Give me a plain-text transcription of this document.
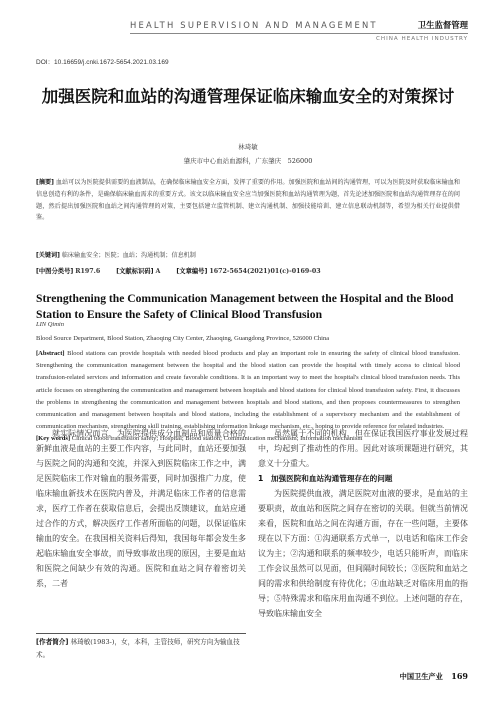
HEALTH SUPERVISION AND MANAGEMENT	卫生监督管理
CHINA HEALTH INDUSTRY
DOI：10.16659/j.cnki.1672-5654.2021.03.169
加强医院和血站的沟通管理保证临床输血安全的对策探讨
林琦敏
肇庆市中心血站血源科，广东肇庆　526000
[摘要] 血站可以为医院提供需要的血液制品，在确保临床输血安全方面，发挥了重要的作用。加强医院和血站间的沟通管理，可以为医院及时获取临床输血和信息创造有利的条件，是确保临床输血需求的重要方式。该文以临床输血安全应当加强医院和血站沟通管理为题，首先论述加强医院和血站沟通管理存在的问题，然后提出加强医院和血站之间沟通管理的对策，主要包括建立监管机制、建立沟通机制、加强技能培训、建立信息联动机制等，希望为相关行业提供借鉴。
[关键词] 临床输血安全；医院；血站；沟通机制；信息机制
[中图分类号] R197.6	[文献标识码] A	[文章编号] 1672-5654(2021)01(c)-0169-03
Strengthening the Communication Management between the Hospital and the Blood Station to Ensure the Safety of Clinical Blood Transfusion
LIN Qimin
Blood Source Department, Blood Station, Zhaoqing City Center, Zhaoqing, Guangdong Province, 526000 China
[Abstract] Blood stations can provide hospitals with needed blood products and play an important role in ensuring the safety of clinical blood transfusion. Strengthening the communication management between the hospital and the blood station can provide the hospital with timely access to clinical blood transfusion-related services and information and create favorable conditions. It is an important way to meet the hospital's clinical blood transfusion needs. This article focuses on strengthening the communication and management between hospitals and blood stations for clinical blood transfusion safety. First, it discusses the problems in strengthening the communication and management between hospitals and blood stations, and then proposes countermeasures to strengthen communication and management between hospitals and blood stations, including the establishment of a supervisory mechanism and the establishment of communication mechanism, strengthening skill training, establishing information linkage mechanism, etc., hoping to provide reference for related industries.
[Key words] Clinical blood transfusion safety; Hospital; Blood station; Communication mechanism; Information mechanism

就实际情况而言，为医院提供成分血制品和质量合格的新鲜血液是血站的主要工作内容，与此同时，血站还要加强与医院之间的沟通和交流，并深入到医院临床工作之中，满足医院临床工作对输血的服务需要，同时加强推广力度，使临床输血新技术在医院内普及，并满足临床工作者的信息需求，医疗工作者在获取信息后，会提出反馈建议，血站应通过合作的方式，解决医疗工作者所面临的问题，以保证临床输血的安全。在我国相关资料后得知，我国每年都会发生多起临床输血安全事故，而导致事故出现的原因，主要是血站和医院之间缺少有效的沟通。医院和血站之间存着密切关系，二者

虽然属于不同的机构，但在保证我国医疗事业发展过程中，均起到了推动性的作用。因此对该项课题进行研究，其意义十分重大。

1　加强医院和血站沟通管理存在的问题

为医院提供血液，满足医院对血液的要求，是血站的主要职责，故血站和医院之间存在密切的关联。但就当前情况来看，医院和血站之间在沟通方面，存在一些问题，主要体现在以下方面：①沟通联系方式单一，以电话和临床工作会议为主；②沟通和联系的频率较少，电话只能听声，而临床工作会议虽然可以见面，但间隔时间较长；③医院和血站之间的需求和供给制度有待优化；④血站缺乏对临床用血的指导；⑤特殊需求和临床用血沟通不到位。上述问题的存在，导致临床输血安全

[作者简介] 林琦敏(1983-)，女，本科，主管技师，研究方向为输血技术。
中国卫生产业 169
